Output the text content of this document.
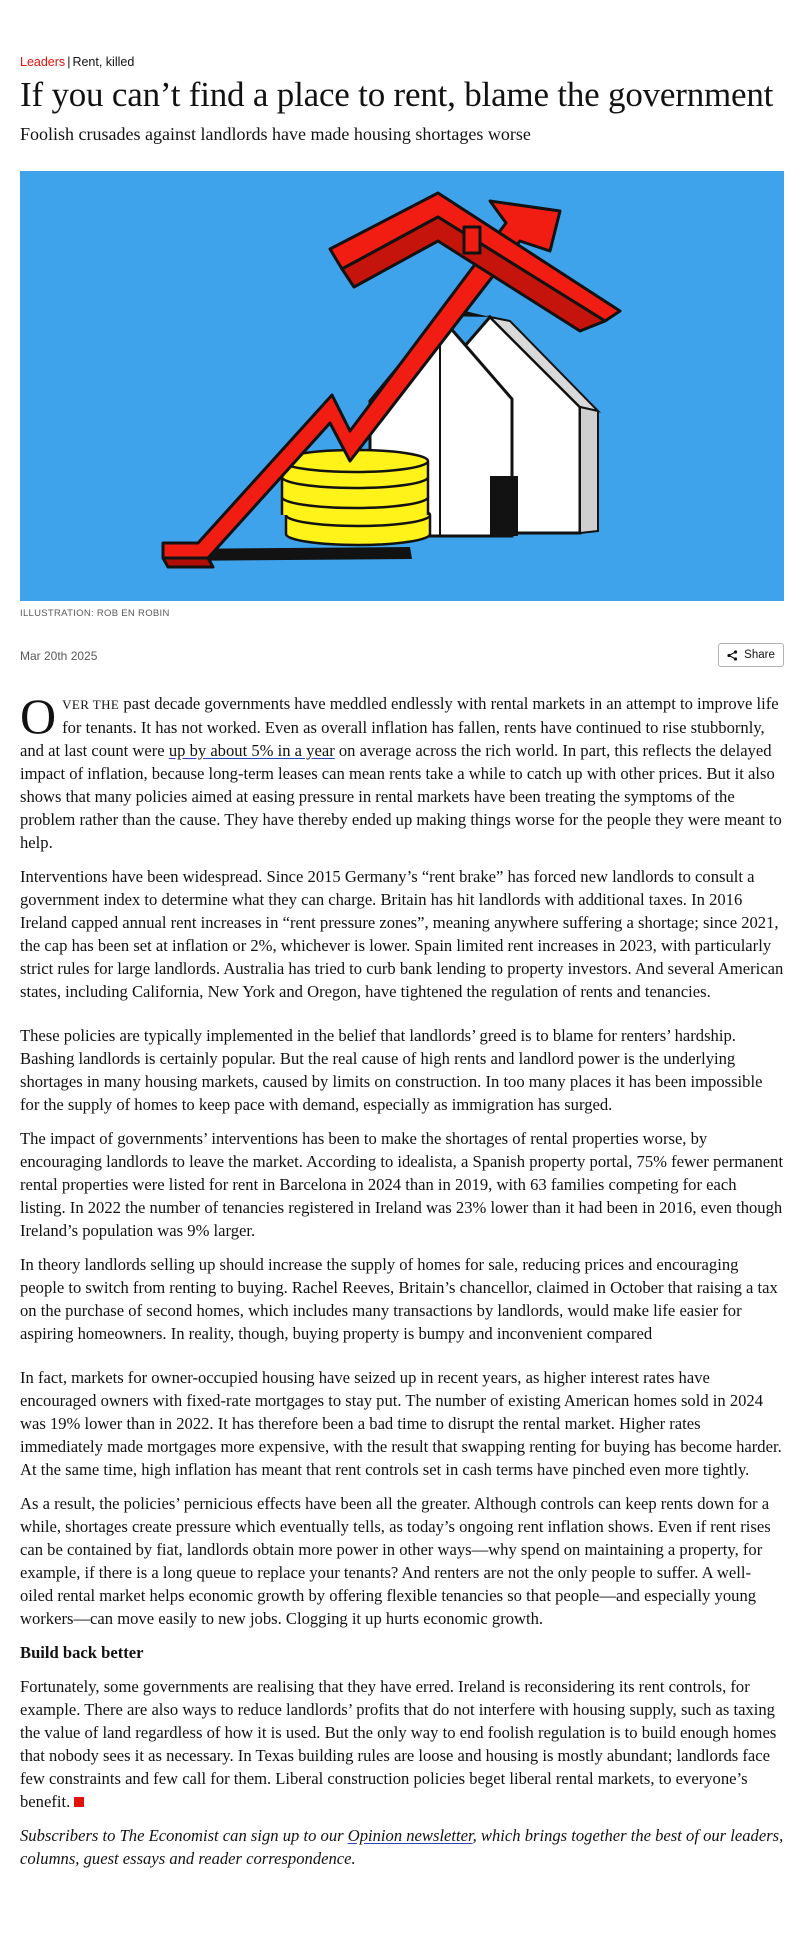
Leaders | Rent, killed
If you can’t find a place to rent, blame the government
Foolish crusades against landlords have made housing shortages worse
ILLUSTRATION: ROB EN ROBIN
Mar 20th 2025	Share

OVER THE past decade governments have meddled endlessly with rental markets in an attempt to improve life for tenants. It has not worked. Even as overall inflation has fallen, rents have continued to rise stubbornly, and at last count were up by about 5% in a year on average across the rich world. In part, this reflects the delayed impact of inflation, because long-term leases can mean rents take a while to catch up with other prices. But it also shows that many policies aimed at easing pressure in rental markets have been treating the symptoms of the problem rather than the cause. They have thereby ended up making things worse for the people they were meant to help.

Interventions have been widespread. Since 2015 Germany’s “rent brake” has forced new landlords to consult a government index to determine what they can charge. Britain has hit landlords with additional taxes. In 2016 Ireland capped annual rent increases in “rent pressure zones”, meaning anywhere suffering a shortage; since 2021, the cap has been set at inflation or 2%, whichever is lower. Spain limited rent increases in 2023, with particularly strict rules for large landlords. Australia has tried to curb bank lending to property investors. And several American states, including California, New York and Oregon, have tightened the regulation of rents and tenancies.

These policies are typically implemented in the belief that landlords’ greed is to blame for renters’ hardship. Bashing landlords is certainly popular. But the real cause of high rents and landlord power is the underlying shortages in many housing markets, caused by limits on construction. In too many places it has been impossible for the supply of homes to keep pace with demand, especially as immigration has surged.

The impact of governments’ interventions has been to make the shortages of rental properties worse, by encouraging landlords to leave the market. According to idealista, a Spanish property portal, 75% fewer permanent rental properties were listed for rent in Barcelona in 2024 than in 2019, with 63 families competing for each listing. In 2022 the number of tenancies registered in Ireland was 23% lower than it had been in 2016, even though Ireland’s population was 9% larger.

In theory landlords selling up should increase the supply of homes for sale, reducing prices and encouraging people to switch from renting to buying. Rachel Reeves, Britain’s chancellor, claimed in October that raising a tax on the purchase of second homes, which includes many transactions by landlords, would make life easier for aspiring homeowners. In reality, though, buying property is bumpy and inconvenient compared

In fact, markets for owner-occupied housing have seized up in recent years, as higher interest rates have encouraged owners with fixed-rate mortgages to stay put. The number of existing American homes sold in 2024 was 19% lower than in 2022. It has therefore been a bad time to disrupt the rental market. Higher rates immediately made mortgages more expensive, with the result that swapping renting for buying has become harder. At the same time, high inflation has meant that rent controls set in cash terms have pinched even more tightly.

As a result, the policies’ pernicious effects have been all the greater. Although controls can keep rents down for a while, shortages create pressure which eventually tells, as today’s ongoing rent inflation shows. Even if rent rises can be contained by fiat, landlords obtain more power in other ways—why spend on maintaining a property, for example, if there is a long queue to replace your tenants? And renters are not the only people to suffer. A well-oiled rental market helps economic growth by offering flexible tenancies so that people—and especially young workers—can move easily to new jobs. Clogging it up hurts economic growth.

Build back better

Fortunately, some governments are realising that they have erred. Ireland is reconsidering its rent controls, for example. There are also ways to reduce landlords’ profits that do not interfere with housing supply, such as taxing the value of land regardless of how it is used. But the only way to end foolish regulation is to build enough homes that nobody sees it as necessary. In Texas building rules are loose and housing is mostly abundant; landlords face few constraints and few call for them. Liberal construction policies beget liberal rental markets, to everyone’s benefit.

Subscribers to The Economist can sign up to our Opinion newsletter, which brings together the best of our leaders, columns, guest essays and reader correspondence.
